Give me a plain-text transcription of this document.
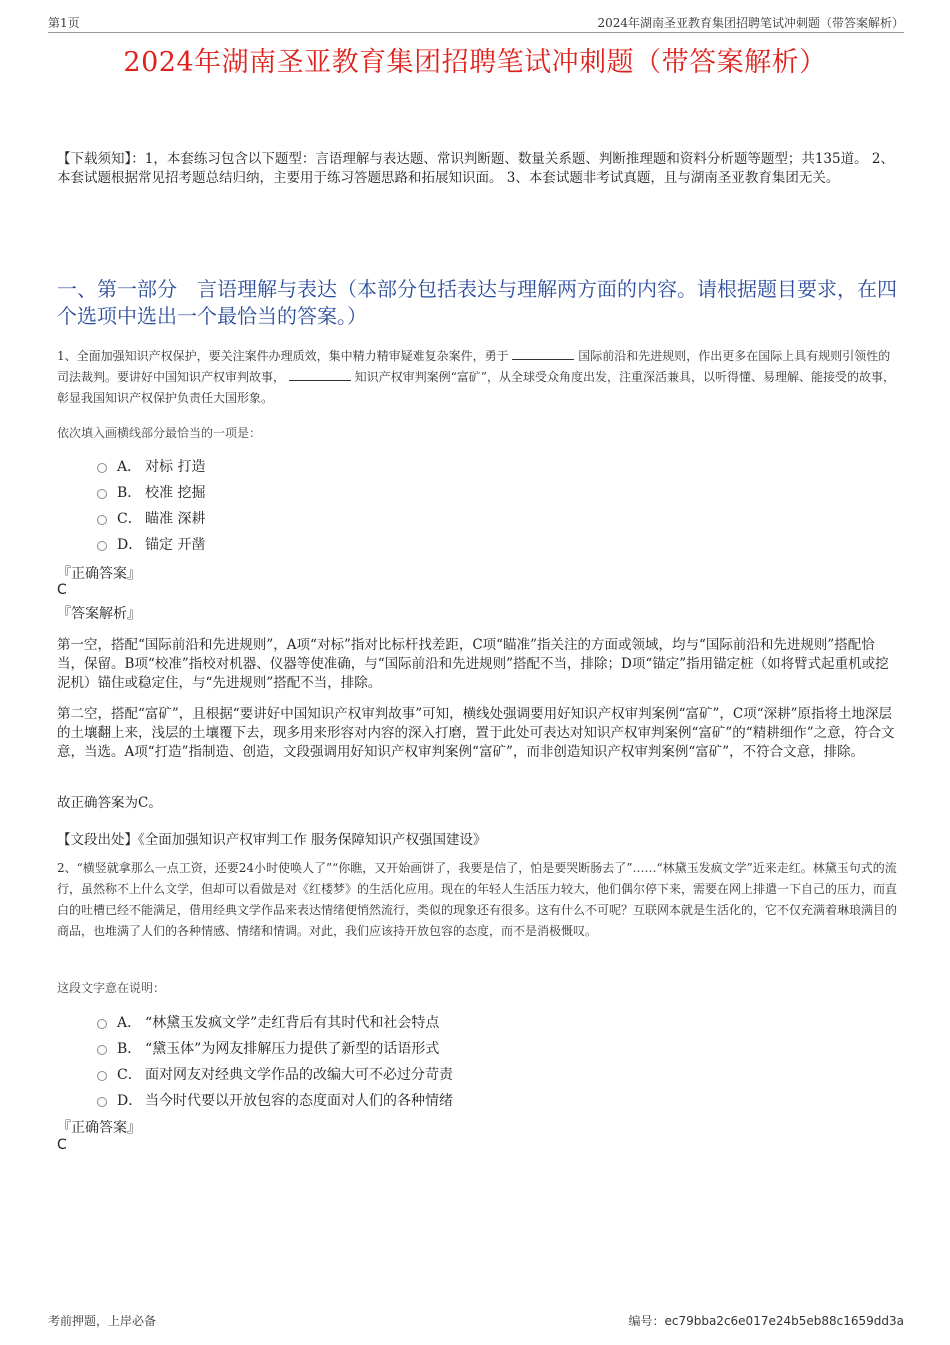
第1页	2024年湖南圣亚教育集团招聘笔试冲刺题（带答案解析）
2024年湖南圣亚教育集团招聘笔试冲刺题（带答案解析）
【下载须知】：1，本套练习包含以下题型：言语理解与表达题、常识判断题、数量关系题、判断推理题和资料分析题等题型；共135道。 2、本套试题根据常见招考题总结归纳，主要用于练习答题思路和拓展知识面。 3、本套试题非考试真题，且与湖南圣亚教育集团无关。
一、第一部分　言语理解与表达（本部分包括表达与理解两方面的内容。请根据题目要求，在四个选项中选出一个最恰当的答案。）
1、全面加强知识产权保护，要关注案件办理质效，集中精力精审疑难复杂案件，勇于	国际前沿和先进规则，作出更多在国际上具有规则引领性的司法裁判。要讲好中国知识产权审判故事，	知识产权审判案例“富矿”，从全球受众角度出发，注重深活兼具，以听得懂、易理解、能接受的故事，彰显我国知识产权保护负责任大国形象。
依次填入画横线部分最恰当的一项是：
A． 对标 打造
B． 校准 挖掘
C． 瞄准 深耕
D． 锚定 开凿
『正确答案』
C
『答案解析』
第一空，搭配“国际前沿和先进规则”，A项“对标”指对比标杆找差距，C项“瞄准”指关注的方面或领域，均与“国际前沿和先进规则”搭配恰当，保留。B项“校准”指校对机器、仪器等使准确，与“国际前沿和先进规则”搭配不当，排除；D项“锚定”指用锚定桩（如将臂式起重机或挖泥机）锚住或稳定住，与“先进规则”搭配不当，排除。
第二空，搭配“富矿”，且根据“要讲好中国知识产权审判故事”可知，横线处强调要用好知识产权审判案例“富矿”，C项“深耕”原指将土地深层的土壤翻上来，浅层的土壤覆下去，现多用来形容对内容的深入打磨，置于此处可表达对知识产权审判案例“富矿”的“精耕细作”之意，符合文意，当选。A项“打造”指制造、创造，文段强调用好知识产权审判案例“富矿”，而非创造知识产权审判案例“富矿”，不符合文意，排除。
故正确答案为C。
【文段出处】《全面加强知识产权审判工作 服务保障知识产权强国建设》
2、“横竖就拿那么一点工资，还要24小时使唤人了”“你瞧，又开始画饼了，我要是信了，怕是要哭断肠去了”……“林黛玉发疯文学”近来走红。林黛玉句式的流行，虽然称不上什么文学，但却可以看做是对《红楼梦》的生活化应用。现在的年轻人生活压力较大，他们偶尔停下来，需要在网上排遣一下自己的压力，而直白的吐槽已经不能满足，借用经典文学作品来表达情绪便悄然流行，类似的现象还有很多。这有什么不可呢？互联网本就是生活化的，它不仅充满着琳琅满目的商品，也堆满了人们的各种情感、情绪和情调。对此，我们应该持开放包容的态度，而不是消极慨叹。
这段文字意在说明：
A． “林黛玉发疯文学”走红背后有其时代和社会特点
B． “黛玉体”为网友排解压力提供了新型的话语形式
C． 面对网友对经典文学作品的改编大可不必过分苛责
D． 当今时代要以开放包容的态度面对人们的各种情绪
『正确答案』
C
考前押题，上岸必备	编号：ec79bba2c6e017e24b5eb88c1659dd3a
